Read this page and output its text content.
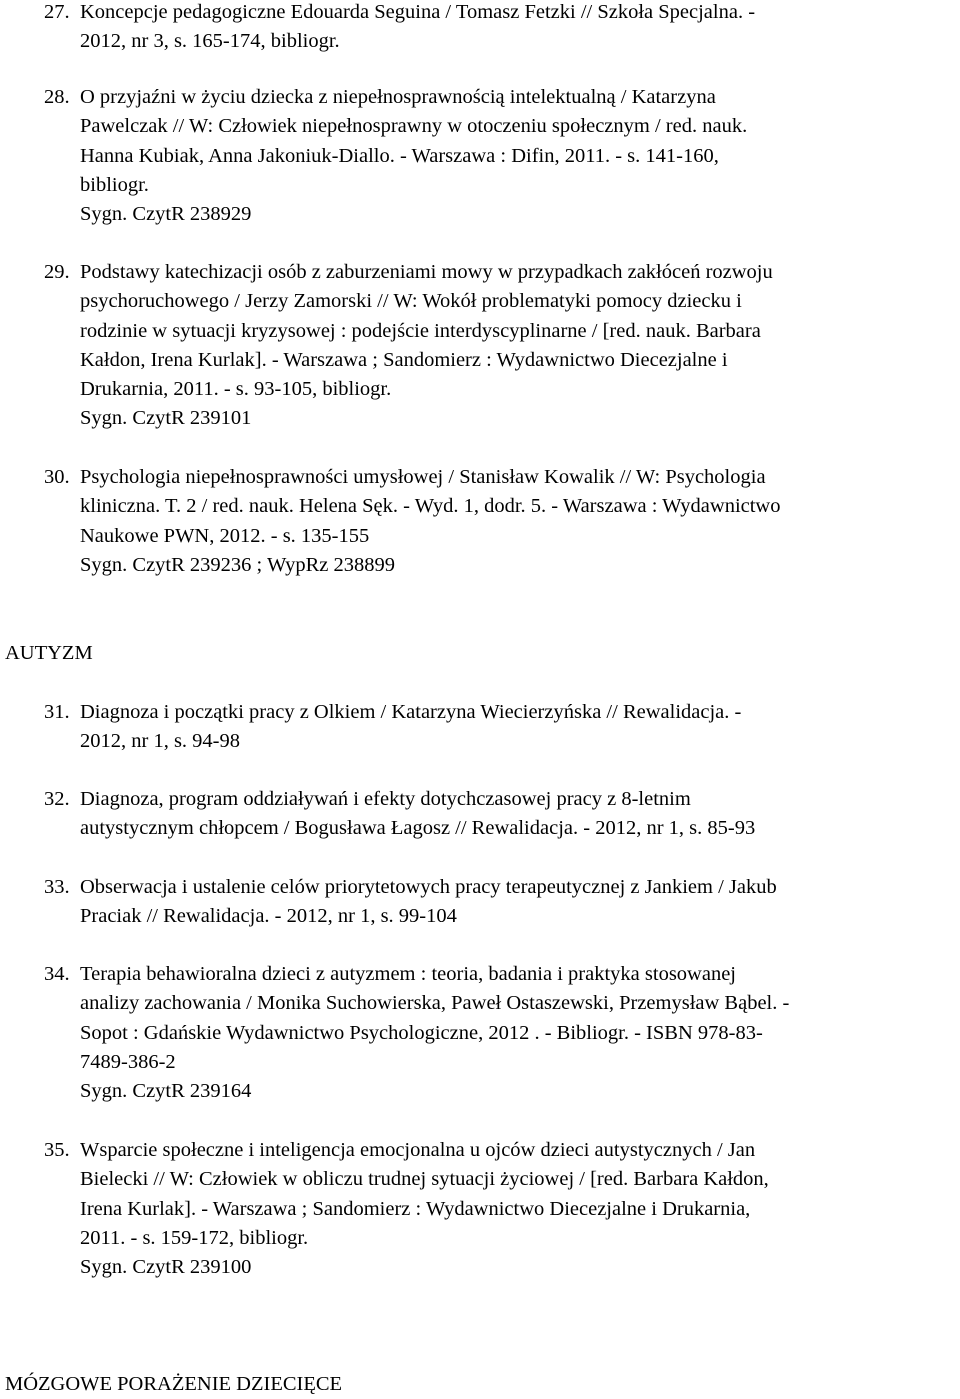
27. Koncepcje pedagogiczne Edouarda Seguina / Tomasz Fetzki // Szkoła Specjalna. -
2012, nr 3, s. 165-174, bibliogr.
28. O przyjaźni w życiu dziecka z niepełnosprawnością intelektualną / Katarzyna
Pawelczak // W: Człowiek niepełnosprawny w otoczeniu społecznym / red. nauk.
Hanna Kubiak, Anna Jakoniuk-Diallo. - Warszawa : Difin, 2011. - s. 141-160,
bibliogr.
Sygn. CzytR 238929
29. Podstawy katechizacji osób z zaburzeniami mowy w przypadkach zakłóceń rozwoju
psychoruchowego / Jerzy Zamorski // W: Wokół problematyki pomocy dziecku i
rodzinie w sytuacji kryzysowej : podejście interdyscyplinarne / [red. nauk. Barbara
Kałdon, Irena Kurlak]. - Warszawa ; Sandomierz : Wydawnictwo Diecezjalne i
Drukarnia, 2011. - s. 93-105, bibliogr.
Sygn. CzytR 239101
30. Psychologia niepełnosprawności umysłowej / Stanisław Kowalik // W: Psychologia
kliniczna. T. 2 / red. nauk. Helena Sęk. - Wyd. 1, dodr. 5. - Warszawa : Wydawnictwo
Naukowe PWN, 2012. - s. 135-155
Sygn. CzytR 239236 ; WypRz 238899
AUTYZM
31. Diagnoza i początki pracy z Olkiem / Katarzyna Wiecierzyńska // Rewalidacja. -
2012, nr 1, s. 94-98
32. Diagnoza, program oddziaływań i efekty dotychczasowej pracy z 8-letnim
autystycznym chłopcem / Bogusława Łagosz // Rewalidacja. - 2012, nr 1, s. 85-93
33. Obserwacja i ustalenie celów priorytetowych pracy terapeutycznej z Jankiem / Jakub
Praciak // Rewalidacja. - 2012, nr 1, s. 99-104
34. Terapia behawioralna dzieci z autyzmem : teoria, badania i praktyka stosowanej
analizy zachowania / Monika Suchowierska, Paweł Ostaszewski, Przemysław Bąbel. -
Sopot : Gdańskie Wydawnictwo Psychologiczne, 2012 . - Bibliogr. - ISBN 978-83-
7489-386-2
Sygn. CzytR 239164
35. Wsparcie społeczne i inteligencja emocjonalna u ojców dzieci autystycznych / Jan
Bielecki // W: Człowiek w obliczu trudnej sytuacji życiowej / [red. Barbara Kałdon,
Irena Kurlak]. - Warszawa ; Sandomierz : Wydawnictwo Diecezjalne i Drukarnia,
2011. - s. 159-172, bibliogr.
Sygn. CzytR 239100
MÓZGOWE PORAŻENIE DZIECIĘCE
